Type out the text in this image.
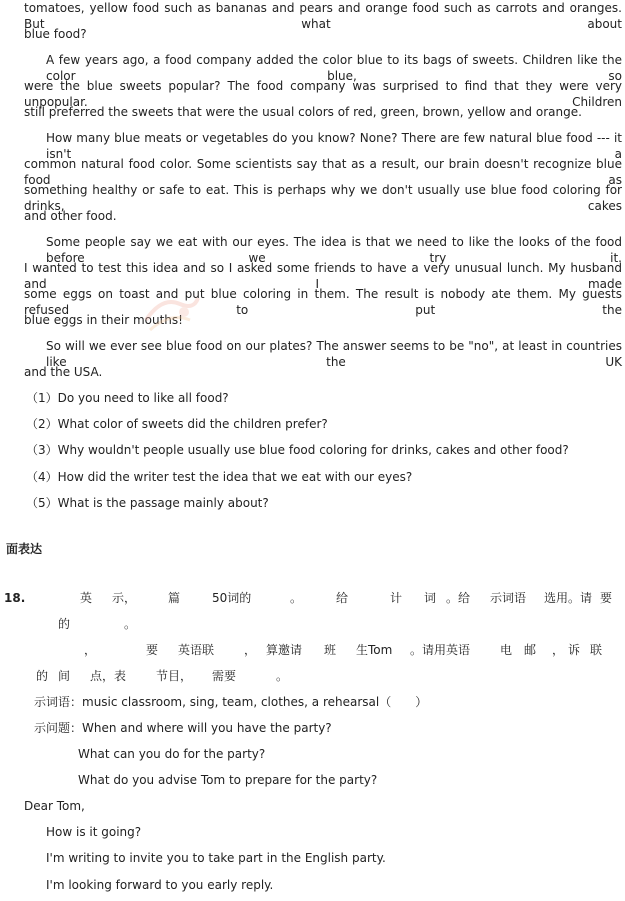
tomatoes, yellow food such as bananas and pears and orange food such as carrots and oranges. But what about
blue food?
A few years ago, a food company added the color blue to its bags of sweets. Children like the color blue, so
were the blue sweets popular? The food company was surprised to find that they were very unpopular. Children
still preferred the sweets that were the usual colors of red, green, brown, yellow and orange.
How many blue meats or vegetables do you know? None? There are few natural blue food --- it isn't a
common natural food color. Some scientists say that as a result, our brain doesn't recognize blue food as
something healthy or safe to eat. This is perhaps why we don't usually use blue food coloring for drinks, cakes
and other food.
Some people say we eat with our eyes. The idea is that we need to like the looks of the food before we try it.
I wanted to test this idea and so I asked some friends to have a very unusual lunch. My husband and I made
some eggs on toast and put blue coloring in them. The result is nobody ate them. My guests refused to put the
blue eggs in their mouths!
So will we ever see blue food on our plates? The answer seems to be "no", at least in countries like the UK
and the USA.
（1）Do you need to like all food?
（2）What color of sweets did the children prefer?
（3）Why wouldn't people usually use blue food coloring for drinks, cakes and other food?
（4）How did the writer test the idea that we eat with our eyes?
（5）What is the passage mainly about?
面表达
18.	英 示，	篇	50词的	。	给	计 词 。给 示词语 选用。请 要
的	。
，	要 英语联 ， 算邀请 班 生Tom 。请用英语 电 邮 ， 诉 联
的 间 点，表 节目， 需要	。
示词语：music classroom, sing, team, clothes, a rehearsal（　　）
示问题：When and where will you have the party?
What can you do for the party?
What do you advise Tom to prepare for the party?
Dear Tom,
How is it going?
I'm writing to invite you to take part in the English party.
I'm looking forward to you early reply.
